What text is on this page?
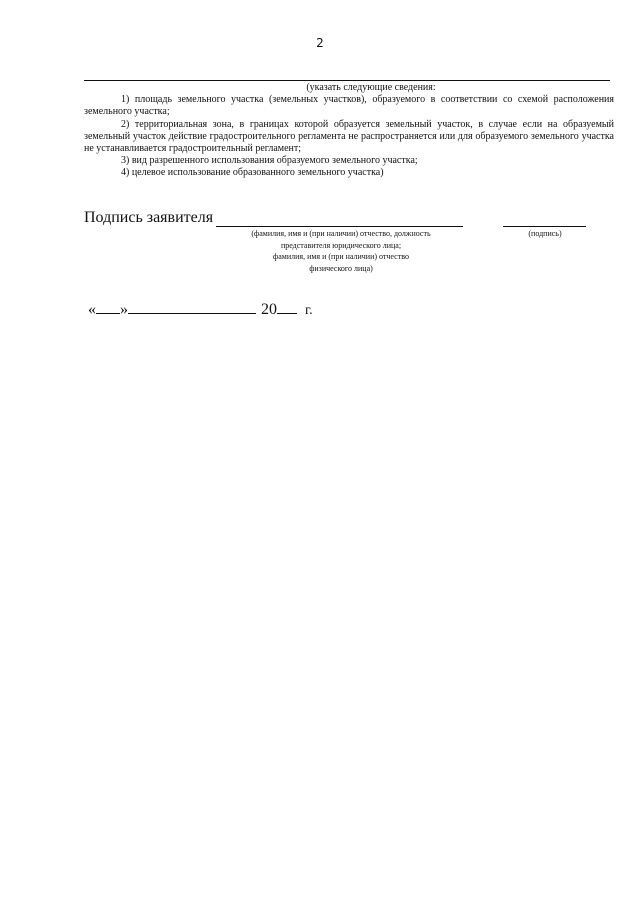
2
(указать следующие сведения:

1) площадь земельного участка (земельных участков), образуемого в соответствии со схемой расположения земельного участка;

2) территориальная зона, в границах которой образуется земельный участок, в случае если на образуемый земельный участок действие градостроительного регламента не распространяется или для образуемого земельного участка не устанавливается градостроительный регламент;

3) вид разрешенного использования образуемого земельного участка;

4) целевое использование образованного земельного участка)

Подпись заявителя
(фамилия, имя и (при наличии) отчество, должность
представителя юридического лица;
фамилия, имя и (при наличии) отчество
физического лица)
(подпись)
« »	20 г.
